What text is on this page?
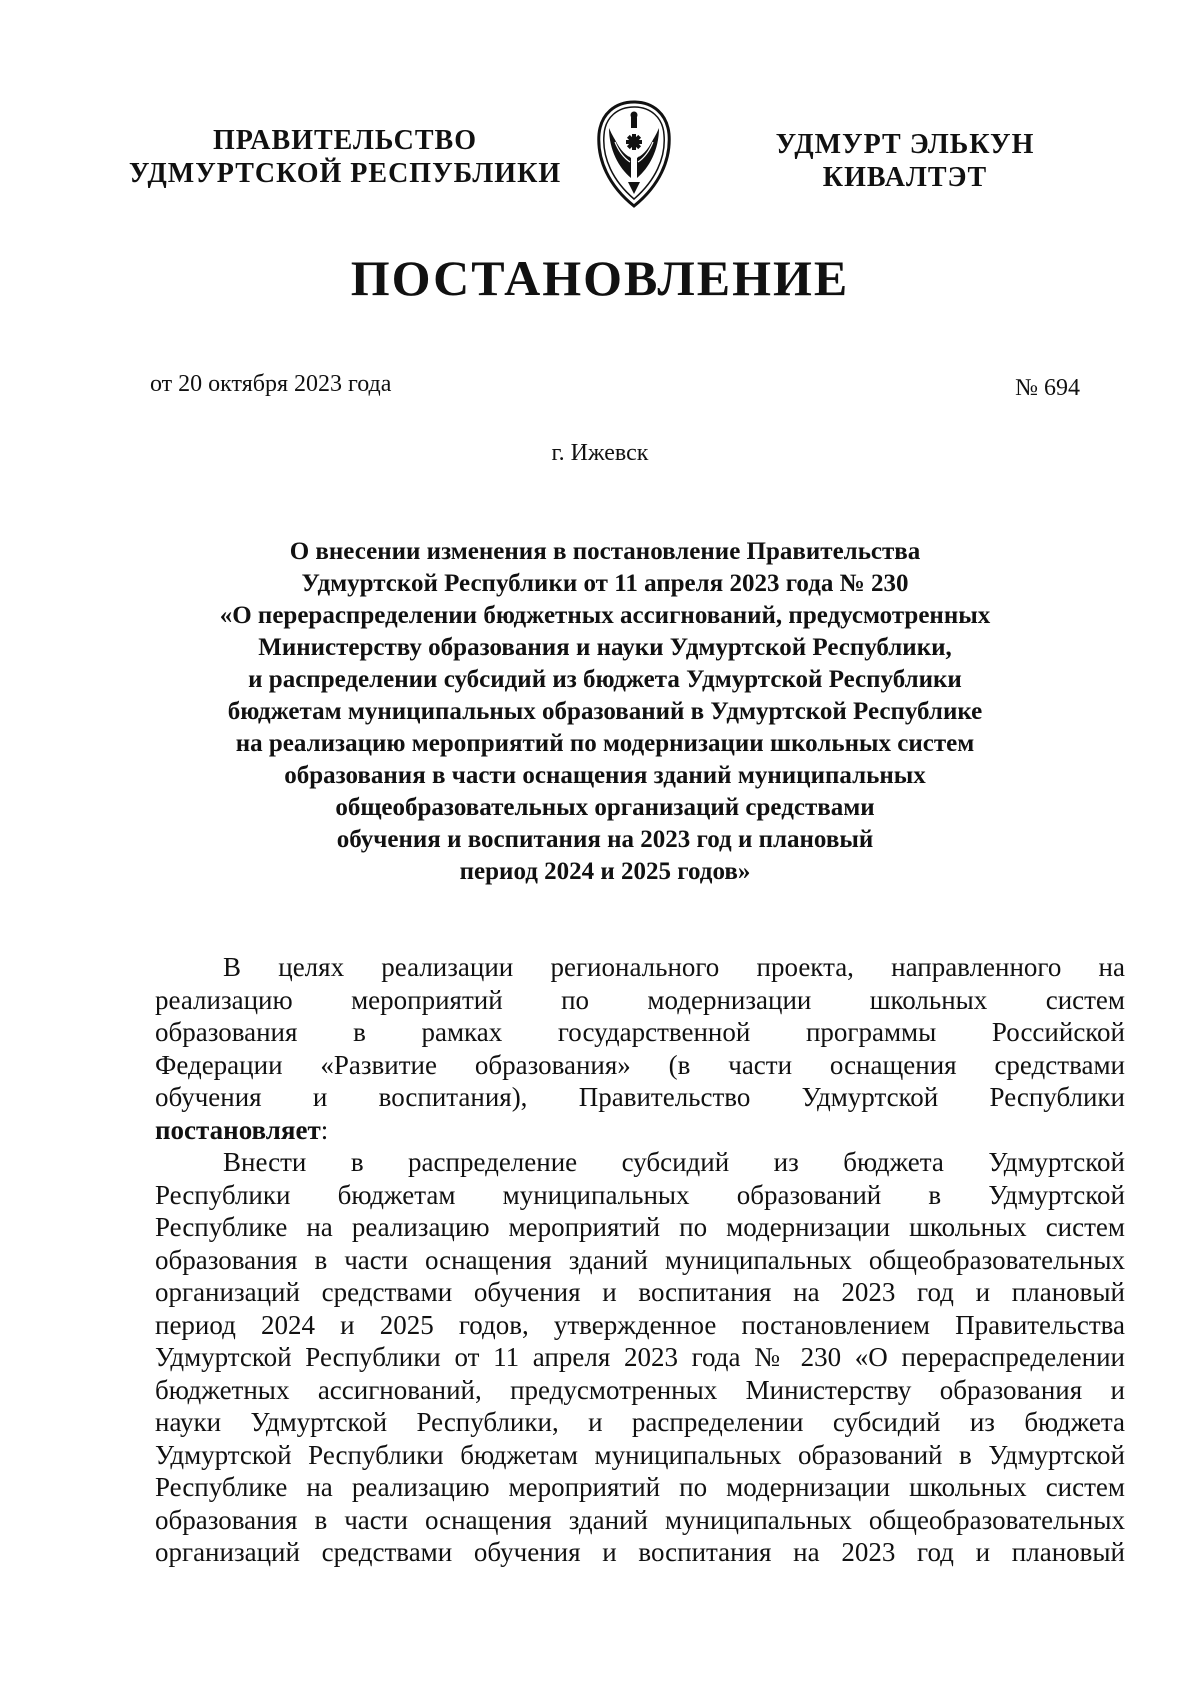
ПРАВИТЕЛЬСТВО
УДМУРТСКОЙ РЕСПУБЛИКИ
УДМУРТ ЭЛЬКУН
КИВАЛТЭТ
ПОСТАНОВЛЕНИЕ
от 20 октября 2023 года	№ 694
г. Ижевск
О внесении изменения в постановление Правительства
Удмуртской Республики от 11 апреля 2023 года № 230
«О перераспределении бюджетных ассигнований, предусмотренных
Министерству образования и науки Удмуртской Республики,
и распределении субсидий из бюджета Удмуртской Республики
бюджетам муниципальных образований в Удмуртской Республике
на реализацию мероприятий по модернизации школьных систем
образования в части оснащения зданий муниципальных
общеобразовательных организаций средствами
обучения и воспитания на 2023 год и плановый
период 2024 и 2025 годов»
В целях реализации регионального проекта, направленного на
реализацию мероприятий по модернизации школьных систем
образования в рамках государственной программы Российской
Федерации «Развитие образования» (в части оснащения средствами
обучения и воспитания), Правительство Удмуртской Республики
постановляет:
Внести в распределение субсидий из бюджета Удмуртской
Республики бюджетам муниципальных образований в Удмуртской
Республике на реализацию мероприятий по модернизации школьных систем
образования в части оснащения зданий муниципальных общеобразовательных
организаций средствами обучения и воспитания на 2023 год и плановый
период 2024 и 2025 годов, утвержденное постановлением Правительства
Удмуртской Республики от 11 апреля 2023 года № 230 «О перераспределении
бюджетных ассигнований, предусмотренных Министерству образования и
науки Удмуртской Республики, и распределении субсидий из бюджета
Удмуртской Республики бюджетам муниципальных образований в Удмуртской
Республике на реализацию мероприятий по модернизации школьных систем
образования в части оснащения зданий муниципальных общеобразовательных
организаций средствами обучения и воспитания на 2023 год и плановый
